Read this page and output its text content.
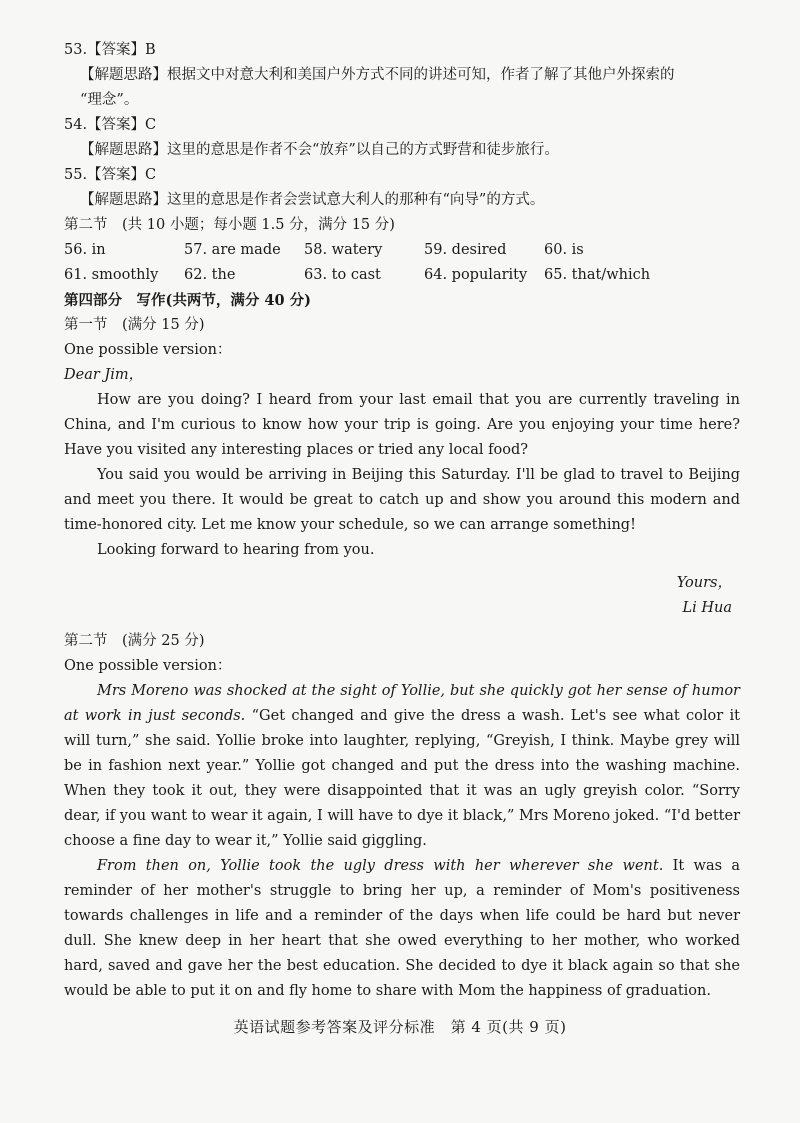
53.【答案】B

【解题思路】根据文中对意大利和美国户外方式不同的讲述可知，作者了解了其他户外探索的

“理念”。

54.【答案】C

【解题思路】这里的意思是作者不会“放弃”以自己的方式野营和徒步旅行。

55.【答案】C

【解题思路】这里的意思是作者会尝试意大利人的那种有“向导”的方式。

第二节　(共 10 小题；每小题 1.5 分，满分 15 分)

56. in	57. are made	58. watery	59. desired	60. is
61. smoothly	62. the	63. to cast	64. popularity	65. that/which

第四部分　写作(共两节，满分 40 分)

第一节　(满分 15 分)

One possible version：

Dear Jim，

How are you doing? I heard from your last email that you are currently traveling in China, and I'm curious to know how your trip is going. Are you enjoying your time here? Have you visited any interesting places or tried any local food?

You said you would be arriving in Beijing this Saturday. I'll be glad to travel to Beijing and meet you there. It would be great to catch up and show you around this modern and time-honored city. Let me know your schedule, so we can arrange something!

Looking forward to hearing from you.

Yours，

Li Hua

第二节　(满分 25 分)

One possible version：

Mrs Moreno was shocked at the sight of Yollie, but she quickly got her sense of humor at work in just seconds. “Get changed and give the dress a wash. Let's see what color it will turn,” she said. Yollie broke into laughter, replying, “Greyish, I think. Maybe grey will be in fashion next year.” Yollie got changed and put the dress into the washing machine. When they took it out, they were disappointed that it was an ugly greyish color. “Sorry dear, if you want to wear it again, I will have to dye it black,” Mrs Moreno joked. “I'd better choose a fine day to wear it,” Yollie said giggling.

From then on, Yollie took the ugly dress with her wherever she went. It was a reminder of her mother's struggle to bring her up, a reminder of Mom's positiveness towards challenges in life and a reminder of the days when life could be hard but never dull. She knew deep in her heart that she owed everything to her mother, who worked hard, saved and gave her the best education. She decided to dye it black again so that she would be able to put it on and fly home to share with Mom the happiness of graduation.

英语试题参考答案及评分标准　第 4 页(共 9 页)
